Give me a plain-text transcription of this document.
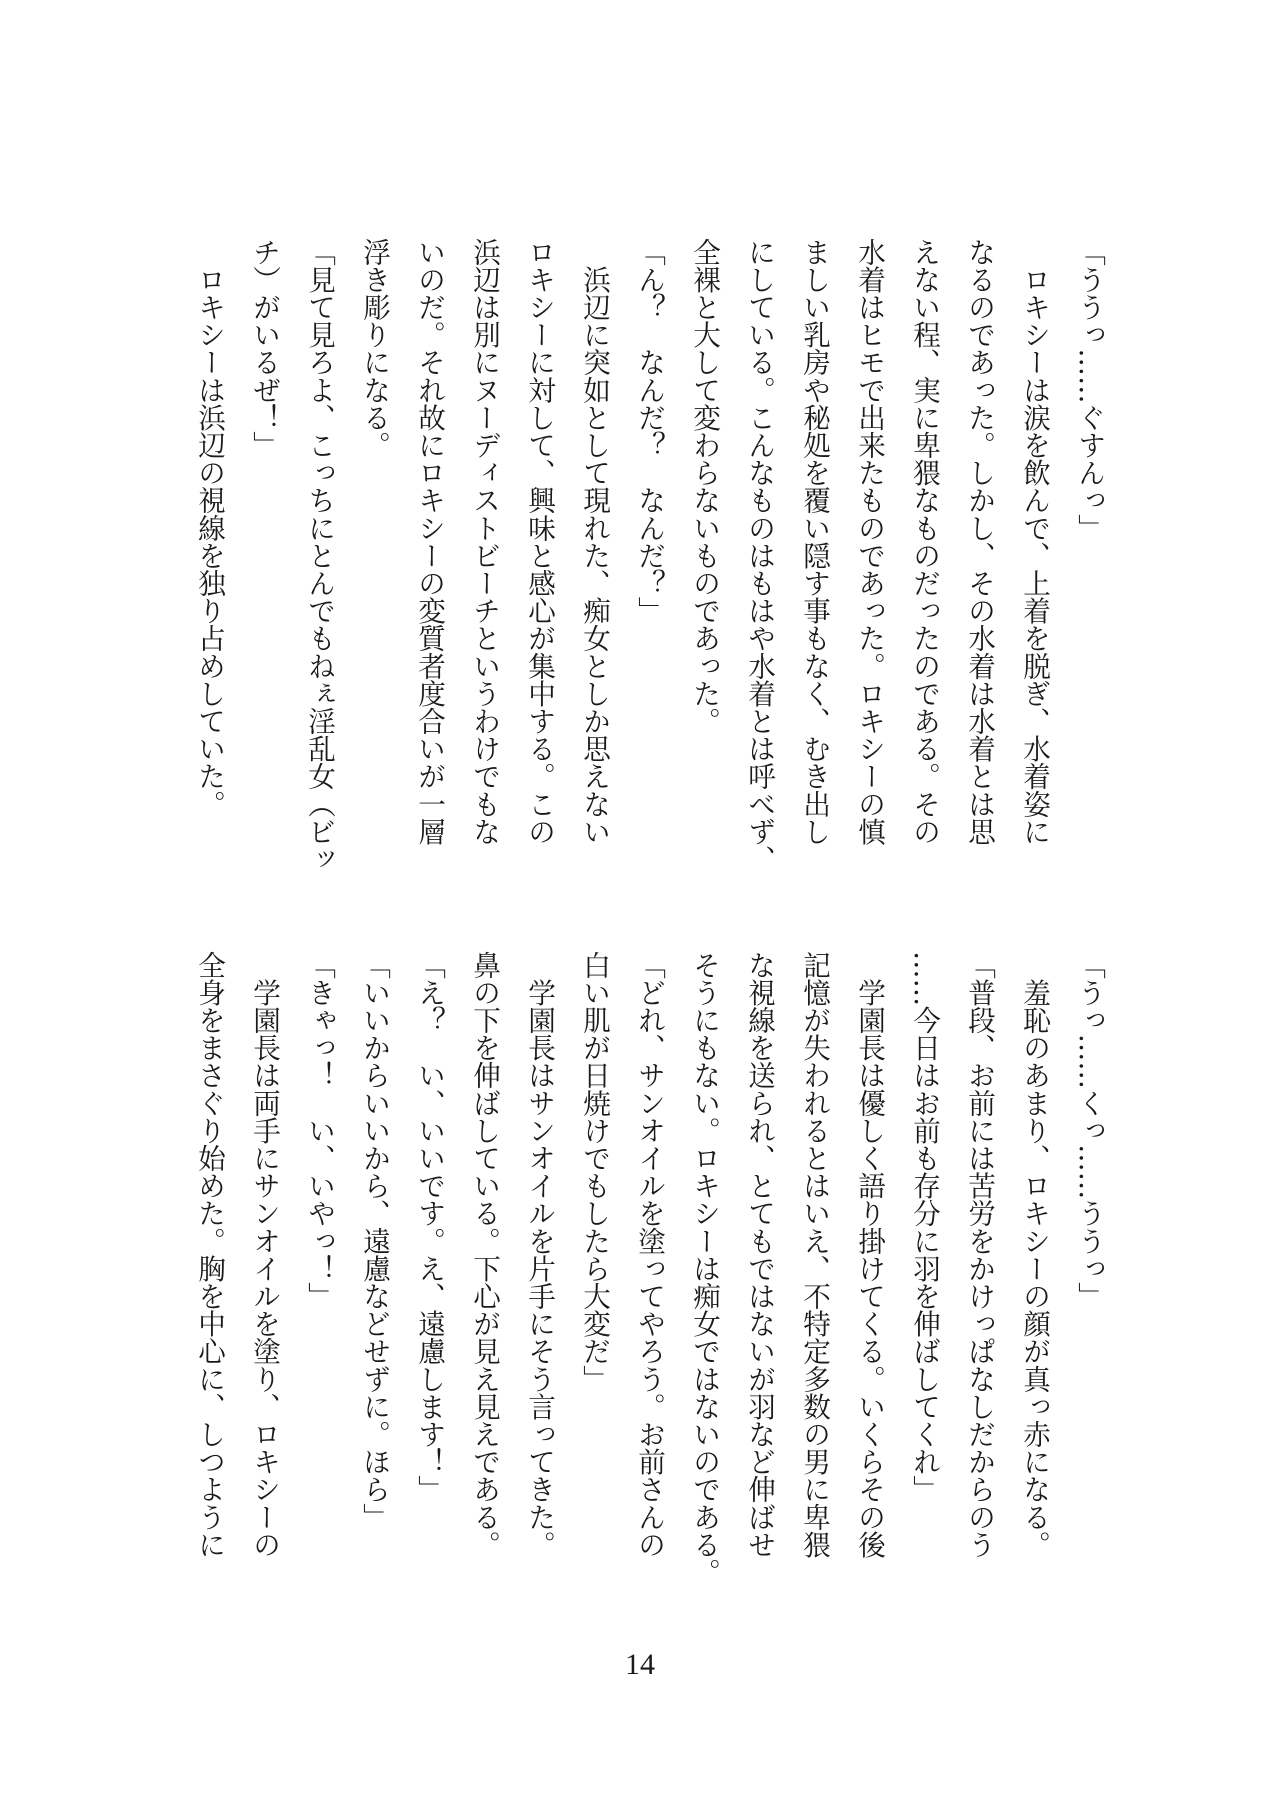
「ううっ……ぐすんっ」
　ロキシーは涙を飲んで、上着を脱ぎ、水着姿に
なるのであった。しかし、その水着は水着とは思
えない程、実に卑猥なものだったのである。その
水着はヒモで出来たものであった。ロキシーの慎
ましい乳房や秘処を覆い隠す事もなく、むき出し
にしている。こんなものはもはや水着とは呼べず、
全裸と大して変わらないものであった。
「ん？　なんだ？　なんだ？」
　浜辺に突如として現れた、痴女としか思えない
ロキシーに対して、興味と感心が集中する。この
浜辺は別にヌーディストビーチというわけでもな
いのだ。それ故にロキシーの変質者度合いが一層
浮き彫りになる。
「見て見ろよ、こっちにとんでもねぇ淫乱女（ビッ
チ）がいるぜ！」
　ロキシーは浜辺の視線を独り占めしていた。
「うっ……くっ……ううっ」
　羞恥のあまり、ロキシーの顔が真っ赤になる。
「普段、お前には苦労をかけっぱなしだからのう
……今日はお前も存分に羽を伸ばしてくれ」
　学園長は優しく語り掛けてくる。いくらその後
記憶が失われるとはいえ、不特定多数の男に卑猥
な視線を送られ、とてもではないが羽など伸ばせ
そうにもない。ロキシーは痴女ではないのである。
「どれ、サンオイルを塗ってやろう。お前さんの
白い肌が日焼けでもしたら大変だ」
　学園長はサンオイルを片手にそう言ってきた。
鼻の下を伸ばしている。下心が見え見えである。
「え？　い、いいです。え、遠慮します！」
「いいからいいから、遠慮などせずに。ほら」
「きゃっ！　い、いやっ！」
　学園長は両手にサンオイルを塗り、ロキシーの
全身をまさぐり始めた。胸を中心に、しつように
14
